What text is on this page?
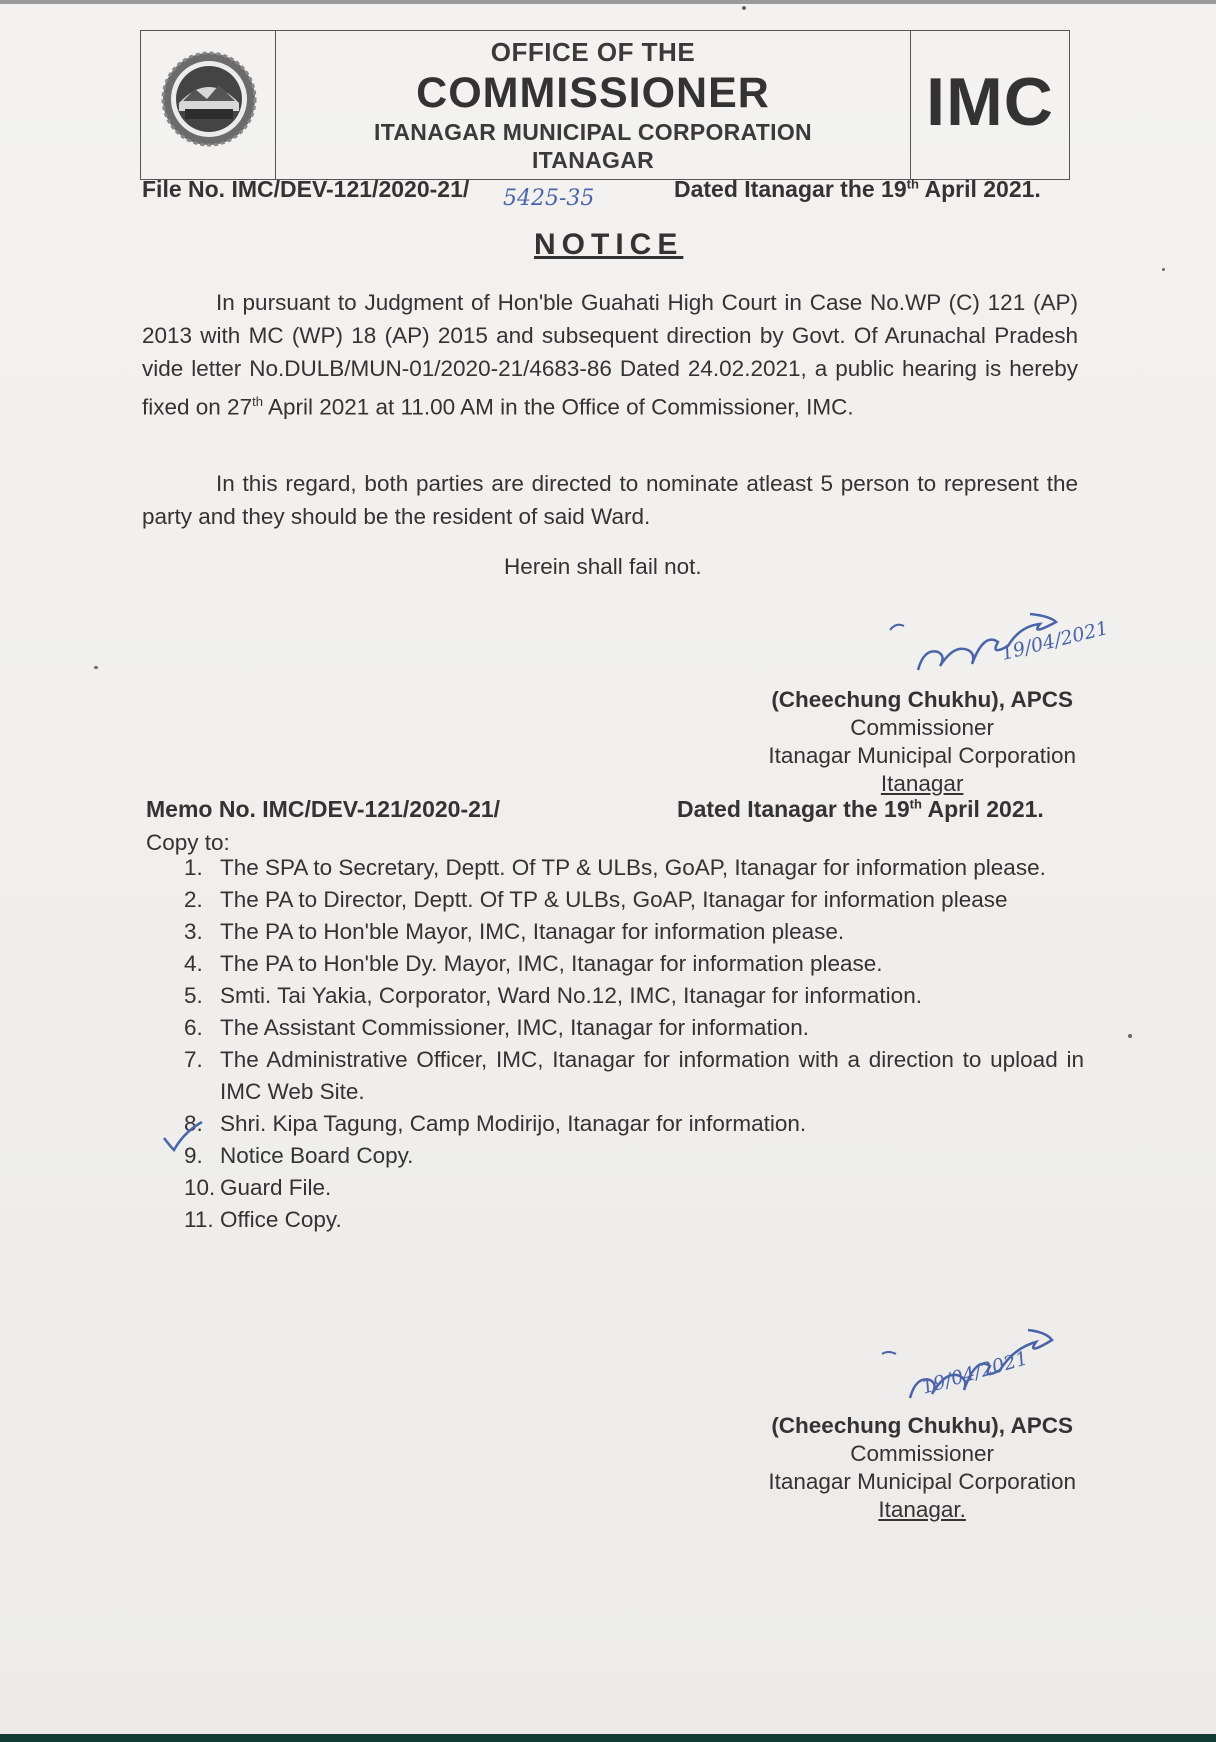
OFFICE OF THE
COMMISSIONER
ITANAGAR MUNICIPAL CORPORATION
ITANAGAR
IMC
File No. IMC/DEV-121/2020-21/ 5425-35	Dated Itanagar the 19th April 2021.
NOTICE
In pursuant to Judgment of Hon'ble Guahati High Court in Case No.WP (C) 121 (AP) 2013 with MC (WP) 18 (AP) 2015 and subsequent direction by Govt. Of Arunachal Pradesh vide letter No.DULB/MUN-01/2020-21/4683-86 Dated 24.02.2021, a public hearing is hereby fixed on 27th April 2021 at 11.00 AM in the Office of Commissioner, IMC.
In this regard, both parties are directed to nominate atleast 5 person to represent the party and they should be the resident of said Ward.
Herein shall fail not.
19/04/2021
(Cheechung Chukhu), APCS
Commissioner
Itanagar Municipal Corporation
Itanagar
Memo No. IMC/DEV-121/2020-21/	Dated Itanagar the 19th April 2021.
Copy to:
1. The SPA to Secretary, Deptt. Of TP & ULBs, GoAP, Itanagar for information please.
2. The PA to Director, Deptt. Of TP & ULBs, GoAP, Itanagar for information please
3. The PA to Hon'ble Mayor, IMC, Itanagar for information please.
4. The PA to Hon'ble Dy. Mayor, IMC, Itanagar for information please.
5. Smti. Tai Yakia, Corporator, Ward No.12, IMC, Itanagar for information.
6. The Assistant Commissioner, IMC, Itanagar for information.
7. The Administrative Officer, IMC, Itanagar for information with a direction to upload in IMC Web Site.
8. Shri. Kipa Tagung, Camp Modirijo, Itanagar for information.
9. Notice Board Copy.
10. Guard File.
11. Office Copy.
19/04/2021
(Cheechung Chukhu), APCS
Commissioner
Itanagar Municipal Corporation
Itanagar.
